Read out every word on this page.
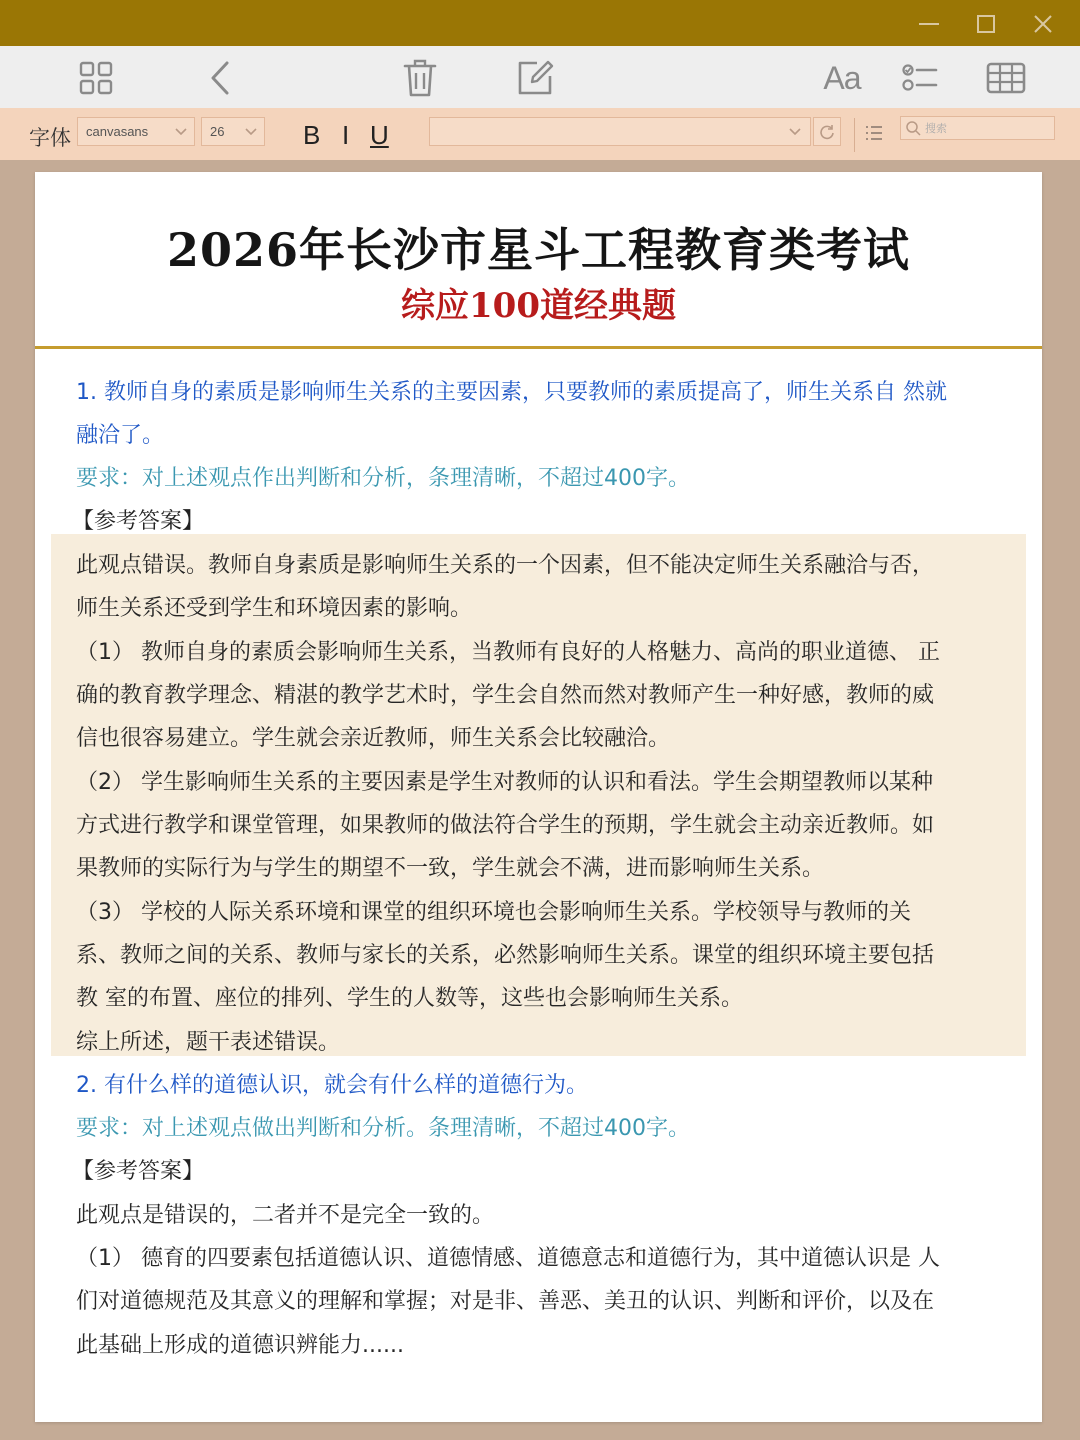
Aa
字体 canvasans	26	B I U	搜索
2026年长沙市星斗工程教育类考试
综应100道经典题
1. 教师自身的素质是影响师生关系的主要因素，只要教师的素质提高了，师生关系自 然就
融洽了。
要求：对上述观点作出判断和分析，条理清晰，不超过400字。
【参考答案】
此观点错误。教师自身素质是影响师生关系的一个因素，但不能决定师生关系融洽与否，
师生关系还受到学生和环境因素的影响。
（1） 教师自身的素质会影响师生关系，当教师有良好的人格魅力、高尚的职业道德、 正
确的教育教学理念、精湛的教学艺术时，学生会自然而然对教师产生一种好感，教师的威
信也很容易建立。学生就会亲近教师，师生关系会比较融洽。
（2） 学生影响师生关系的主要因素是学生对教师的认识和看法。学生会期望教师以某种
方式进行教学和课堂管理，如果教师的做法符合学生的预期，学生就会主动亲近教师。如
果教师的实际行为与学生的期望不一致，学生就会不满，进而影响师生关系。
（3） 学校的人际关系环境和课堂的组织环境也会影响师生关系。学校领导与教师的关
系、教师之间的关系、教师与家长的关系，必然影响师生关系。课堂的组织环境主要包括
教 室的布置、座位的排列、学生的人数等，这些也会影响师生关系。
综上所述，题干表述错误。
2. 有什么样的道德认识，就会有什么样的道德行为。
要求：对上述观点做出判断和分析。条理清晰，不超过400字。
【参考答案】
此观点是错误的，二者并不是完全一致的。
（1） 德育的四要素包括道德认识、道德情感、道德意志和道德行为，其中道德认识是 人
们对道德规范及其意义的理解和掌握；对是非、善恶、美丑的认识、判断和评价，以及在
此基础上形成的道德识辨能力......
